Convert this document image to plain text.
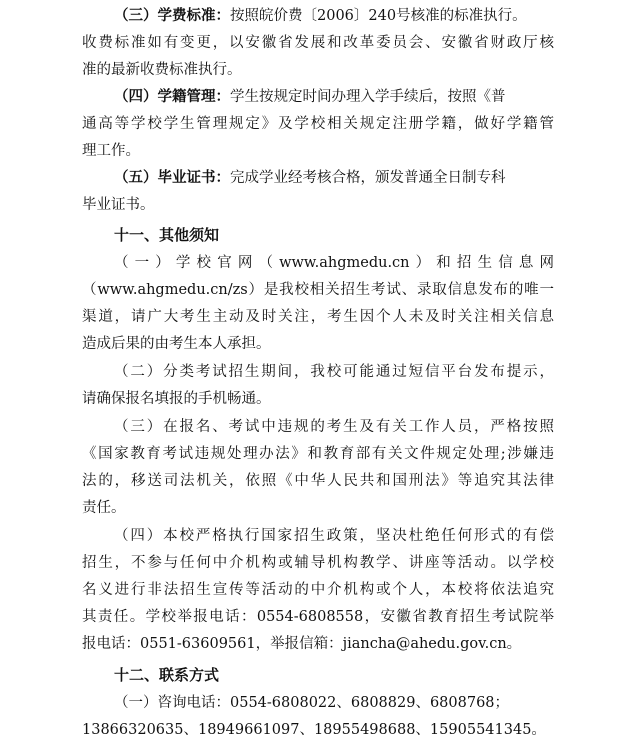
（三）学费标准：按照皖价费〔2006〕240号核准的标准执行。
收费标准如有变更，以安徽省发展和改革委员会、安徽省财政厅核
准的最新收费标准执行。
（四）学籍管理：学生按规定时间办理入学手续后，按照《普
通高等学校学生管理规定》及学校相关规定注册学籍，做好学籍管
理工作。
（五）毕业证书：完成学业经考核合格，颁发普通全日制专科
毕业证书。
十一、其他须知
（一）学校官网（www.ahgmedu.cn）和招生信息网
（www.ahgmedu.cn/zs）是我校相关招生考试、录取信息发布的唯一
渠道，请广大考生主动及时关注，考生因个人未及时关注相关信息
造成后果的由考生本人承担。
（二）分类考试招生期间，我校可能通过短信平台发布提示，
请确保报名填报的手机畅通。
（三）在报名、考试中违规的考生及有关工作人员，严格按照
《国家教育考试违规处理办法》和教育部有关文件规定处理;涉嫌违
法的，移送司法机关，依照《中华人民共和国刑法》等追究其法律
责任。
（四）本校严格执行国家招生政策，坚决杜绝任何形式的有偿
招生，不参与任何中介机构或辅导机构教学、讲座等活动。以学校
名义进行非法招生宣传等活动的中介机构或个人，本校将依法追究
其责任。学校举报电话：0554-6808558，安徽省教育招生考试院举
报电话：0551-63609561，举报信箱：jiancha@ahedu.gov.cn。
十二、联系方式
（一）咨询电话：0554-6808022、6808829、6808768；
13866320635、18949661097、18955498688、15905541345。
